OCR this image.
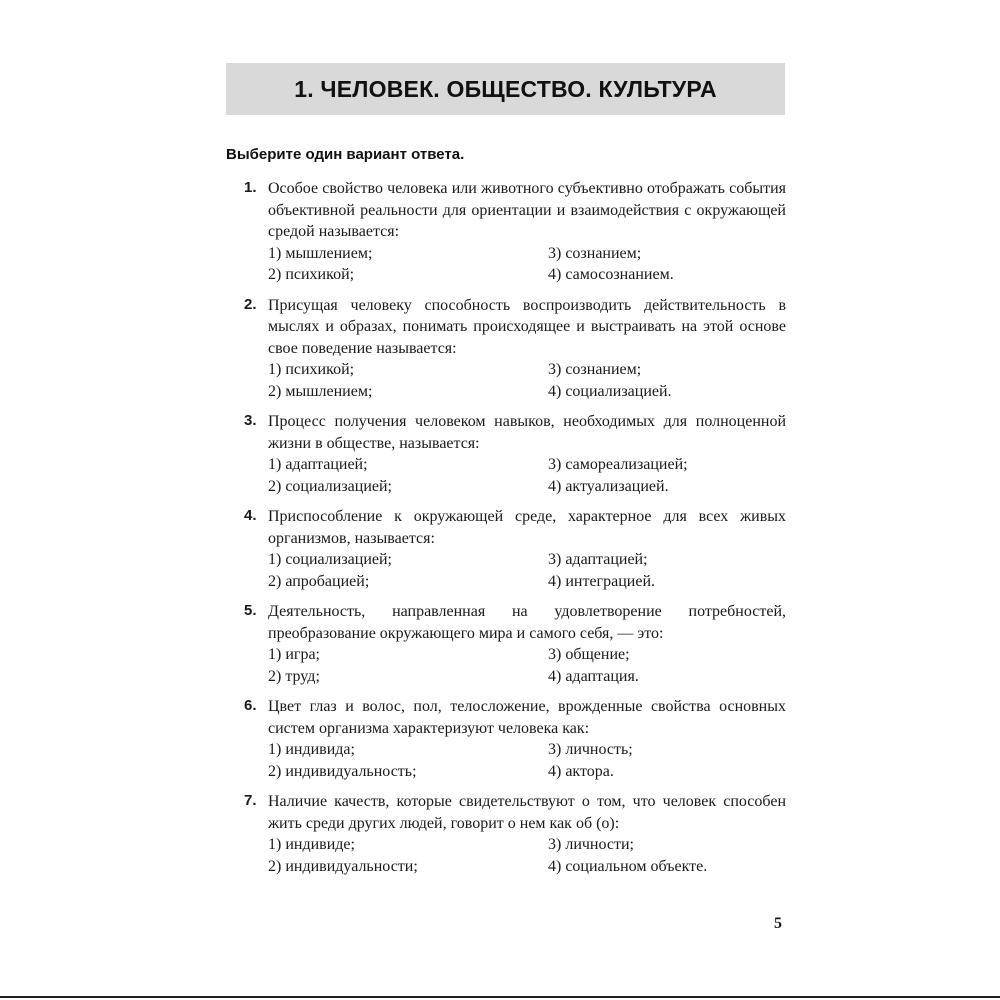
1. ЧЕЛОВЕК. ОБЩЕСТВО. КУЛЬТУРА
Выберите один вариант ответа.
1. Особое свойство человека или животного субъективно отображать события объективной реальности для ориентации и взаимодействия с окружающей средой называется:

1) мышлением;	3) сознанием;
2) психикой;	4) самосознанием.
2. Присущая человеку способность воспроизводить действительность в мыслях и образах, понимать происходящее и выстраивать на этой основе свое поведение называется:

1) психикой;	3) сознанием;
2) мышлением;	4) социализацией.
3. Процесс получения человеком навыков, необходимых для полноценной жизни в обществе, называется:

1) адаптацией;	3) самореализацией;
2) социализацией;	4) актуализацией.
4. Приспособление к окружающей среде, характерное для всех живых организмов, называется:

1) социализацией;	3) адаптацией;
2) апробацией;	4) интеграцией.
5. Деятельность, направленная на удовлетворение потребностей, преобразование окружающего мира и самого себя, — это:

1) игра;	3) общение;
2) труд;	4) адаптация.
6. Цвет глаз и волос, пол, телосложение, врожденные свойства основных систем организма характеризуют человека как:

1) индивида;	3) личность;
2) индивидуальность;	4) актора.
7. Наличие качеств, которые свидетельствуют о том, что человек способен жить среди других людей, говорит о нем как об (о):

1) индивиде;	3) личности;
2) индивидуальности;	4) социальном объекте.
5
